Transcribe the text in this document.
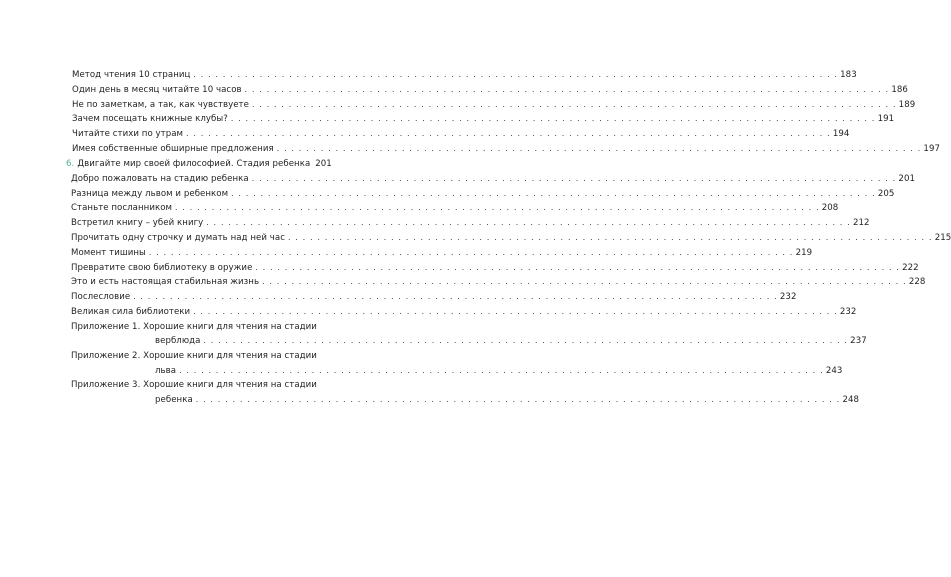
Метод чтения 10 страниц . . .	183
Один день в месяц читайте 10 часов . . .	186
Не по заметкам, а так, как чувствуете . . .	189
Зачем посещать книжные клубы? . . .	191
Читайте стихи по утрам . . .	194
Имея собственные обширные предложения . . .	197
6. Двигайте мир своей философией. Стадия ребенка 201
Добро пожаловать на стадию ребенка . . .	201
Разница между львом и ребенком . . .	205
Станьте посланником . . .	208
Встретил книгу – убей книгу . . .	212
Прочитать одну строчку и думать над ней час . . .	215
Момент тишины . . .	219
Превратите свою библиотеку в оружие . . .	222
Это и есть настоящая стабильная жизнь . . .	228
Послесловие . . .	232
Великая сила библиотеки . . .	232
Приложение 1. Хорошие книги для чтения на стадии
верблюда . . .	237
Приложение 2. Хорошие книги для чтения на стадии
льва . . .	243
Приложение 3. Хорошие книги для чтения на стадии
ребенка . . .	248
